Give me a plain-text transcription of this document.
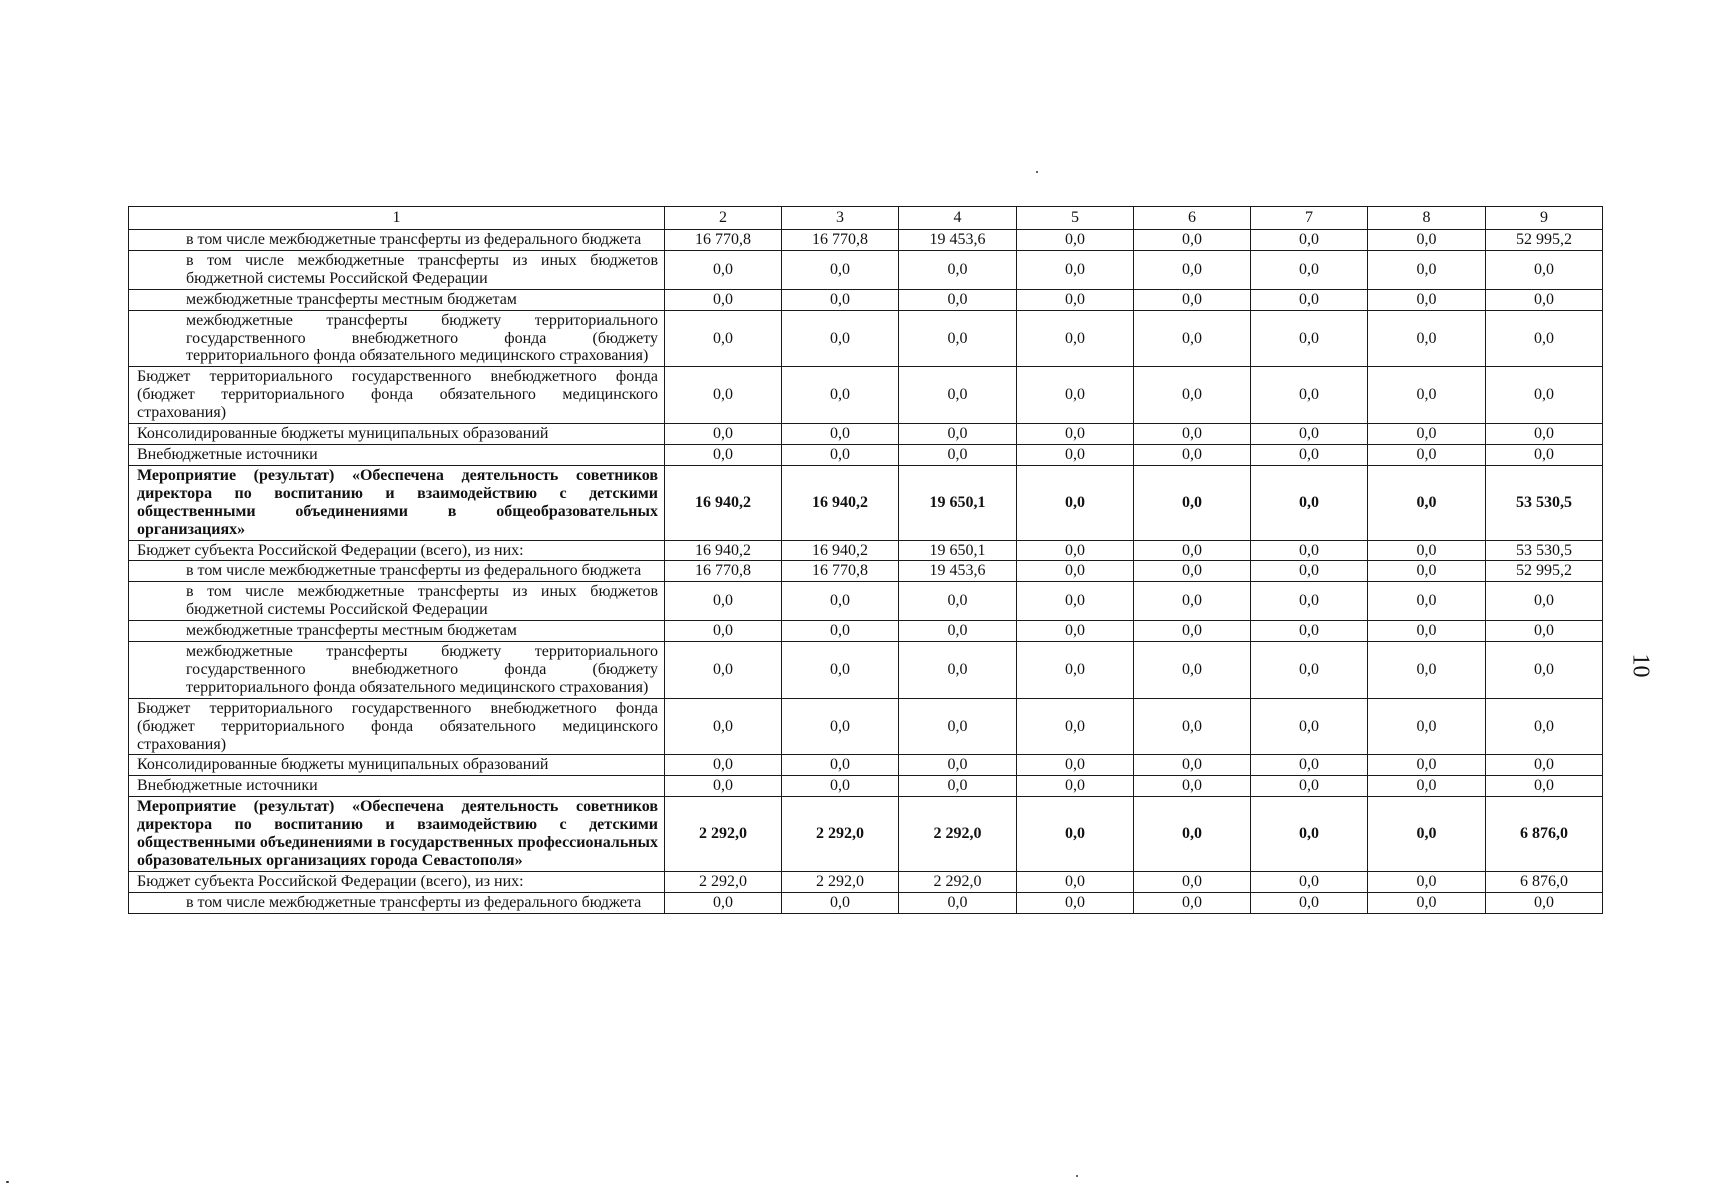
1	2	3	4	5	6	7	8	9
в том числе межбюджетные трансферты из федерального бюджета	16 770,8	16 770,8	19 453,6	0,0	0,0	0,0	0,0	52 995,2
в том числе межбюджетные трансферты из иных бюджетов бюджетной системы Российской Федерации	0,0	0,0	0,0	0,0	0,0	0,0	0,0	0,0
межбюджетные трансферты местным бюджетам	0,0	0,0	0,0	0,0	0,0	0,0	0,0	0,0
межбюджетные трансферты бюджету территориального государственного внебюджетного фонда (бюджету территориального фонда обязательного медицинского страхования)	0,0	0,0	0,0	0,0	0,0	0,0	0,0	0,0
Бюджет территориального государственного внебюджетного фонда (бюджет территориального фонда обязательного медицинского страхования)	0,0	0,0	0,0	0,0	0,0	0,0	0,0	0,0
Консолидированные бюджеты муниципальных образований	0,0	0,0	0,0	0,0	0,0	0,0	0,0	0,0
Внебюджетные источники	0,0	0,0	0,0	0,0	0,0	0,0	0,0	0,0
Мероприятие (результат) «Обеспечена деятельность советников директора по воспитанию и взаимодействию с детскими общественными объединениями в общеобразовательных организациях»	16 940,2	16 940,2	19 650,1	0,0	0,0	0,0	0,0	53 530,5
Бюджет субъекта Российской Федерации (всего), из них:	16 940,2	16 940,2	19 650,1	0,0	0,0	0,0	0,0	53 530,5
в том числе межбюджетные трансферты из федерального бюджета	16 770,8	16 770,8	19 453,6	0,0	0,0	0,0	0,0	52 995,2
в том числе межбюджетные трансферты из иных бюджетов бюджетной системы Российской Федерации	0,0	0,0	0,0	0,0	0,0	0,0	0,0	0,0
межбюджетные трансферты местным бюджетам	0,0	0,0	0,0	0,0	0,0	0,0	0,0	0,0
межбюджетные трансферты бюджету территориального государственного внебюджетного фонда (бюджету территориального фонда обязательного медицинского страхования)	0,0	0,0	0,0	0,0	0,0	0,0	0,0	0,0
Бюджет территориального государственного внебюджетного фонда (бюджет территориального фонда обязательного медицинского страхования)	0,0	0,0	0,0	0,0	0,0	0,0	0,0	0,0
Консолидированные бюджеты муниципальных образований	0,0	0,0	0,0	0,0	0,0	0,0	0,0	0,0
Внебюджетные источники	0,0	0,0	0,0	0,0	0,0	0,0	0,0	0,0
Мероприятие (результат) «Обеспечена деятельность советников директора по воспитанию и взаимодействию с детскими общественными объединениями в государственных профессиональных образовательных организациях города Севастополя»	2 292,0	2 292,0	2 292,0	0,0	0,0	0,0	0,0	6 876,0
Бюджет субъекта Российской Федерации (всего), из них:	2 292,0	2 292,0	2 292,0	0,0	0,0	0,0	0,0	6 876,0
в том числе межбюджетные трансферты из федерального бюджета	0,0	0,0	0,0	0,0	0,0	0,0	0,0	0,0
10
